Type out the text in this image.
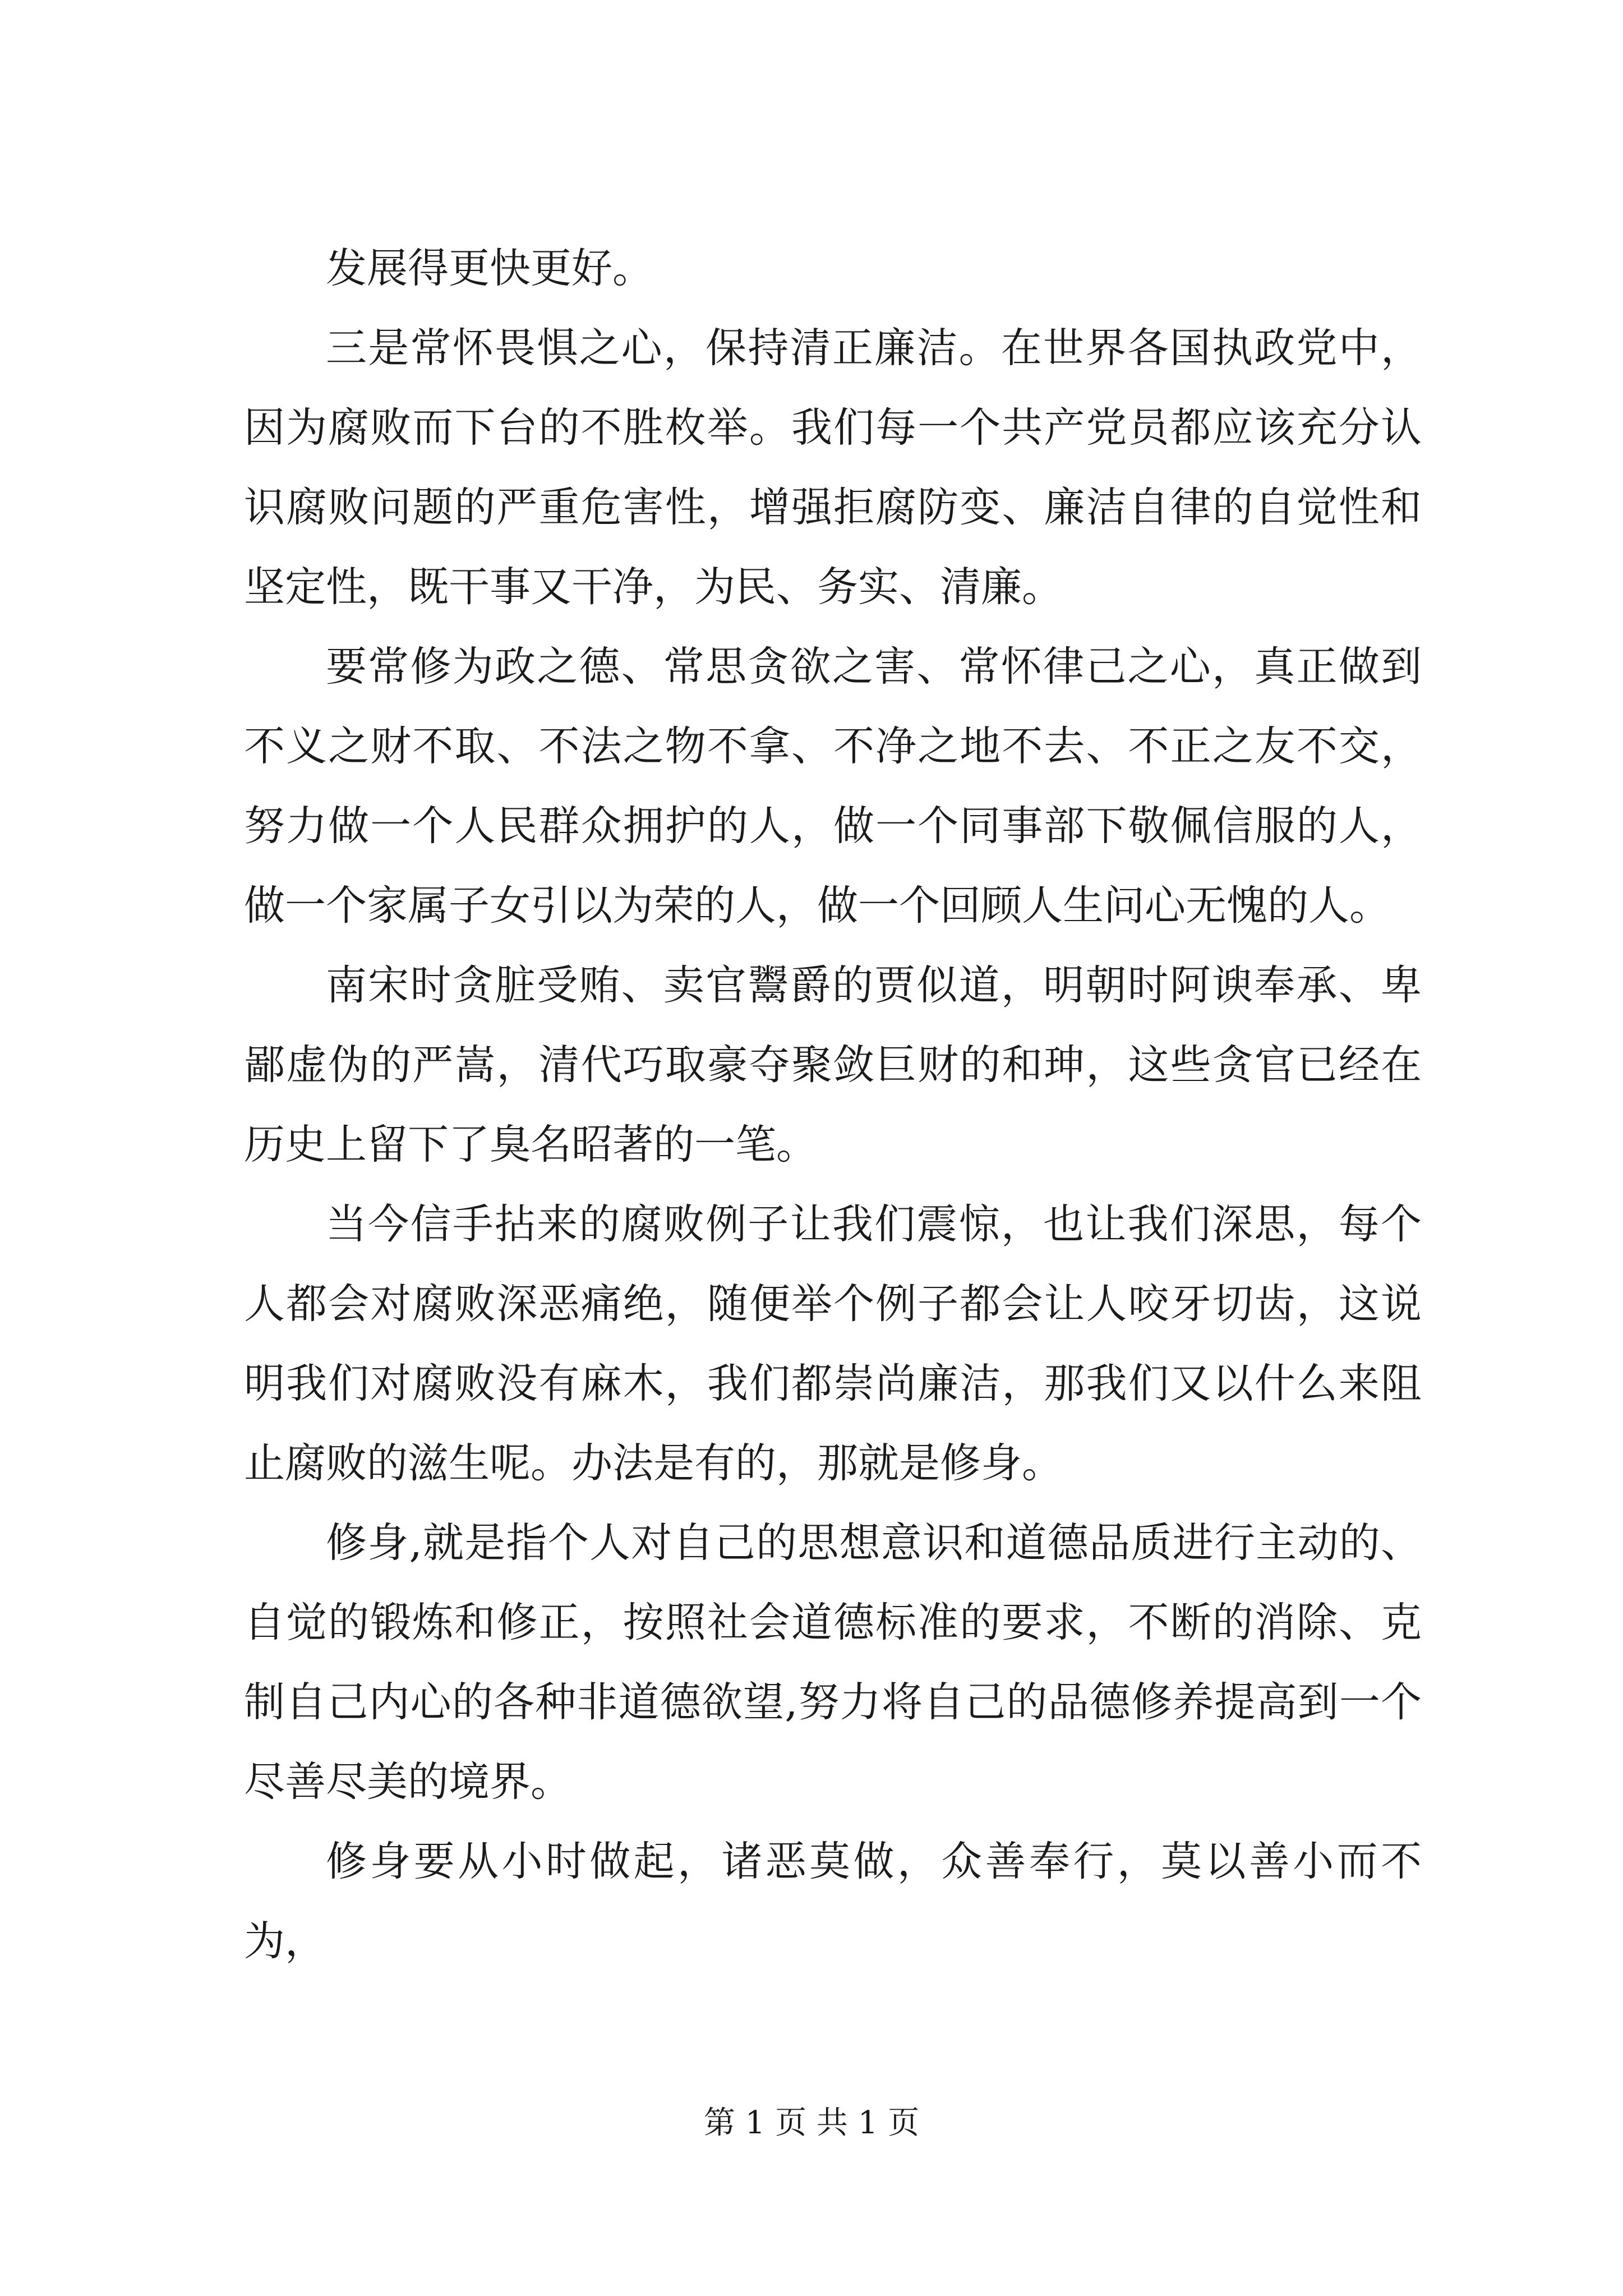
发展得更快更好。

三是常怀畏惧之心，保持清正廉洁。在世界各国执政党中，因为腐败而下台的不胜枚举。我们每一个共产党员都应该充分认识腐败问题的严重危害性，增强拒腐防变、廉洁自律的自觉性和坚定性，既干事又干净，为民、务实、清廉。

要常修为政之德、常思贪欲之害、常怀律己之心，真正做到不义之财不取、不法之物不拿、不净之地不去、不正之友不交，努力做一个人民群众拥护的人，做一个同事部下敬佩信服的人，做一个家属子女引以为荣的人，做一个回顾人生问心无愧的人。

南宋时贪脏受贿、卖官鬻爵的贾似道，明朝时阿谀奉承、卑鄙虚伪的严嵩，清代巧取豪夺聚敛巨财的和珅，这些贪官已经在历史上留下了臭名昭著的一笔。

当今信手拈来的腐败例子让我们震惊，也让我们深思，每个人都会对腐败深恶痛绝，随便举个例子都会让人咬牙切齿，这说明我们对腐败没有麻木，我们都崇尚廉洁，那我们又以什么来阻止腐败的滋生呢。办法是有的，那就是修身。

修身,就是指个人对自己的思想意识和道德品质进行主动的、自觉的锻炼和修正，按照社会道德标准的要求，不断的消除、克制自己内心的各种非道德欲望,努力将自己的品德修养提高到一个尽善尽美的境界。

修身要从小时做起，诸恶莫做，众善奉行，莫以善小而不为，

第 1 页 共 1 页
